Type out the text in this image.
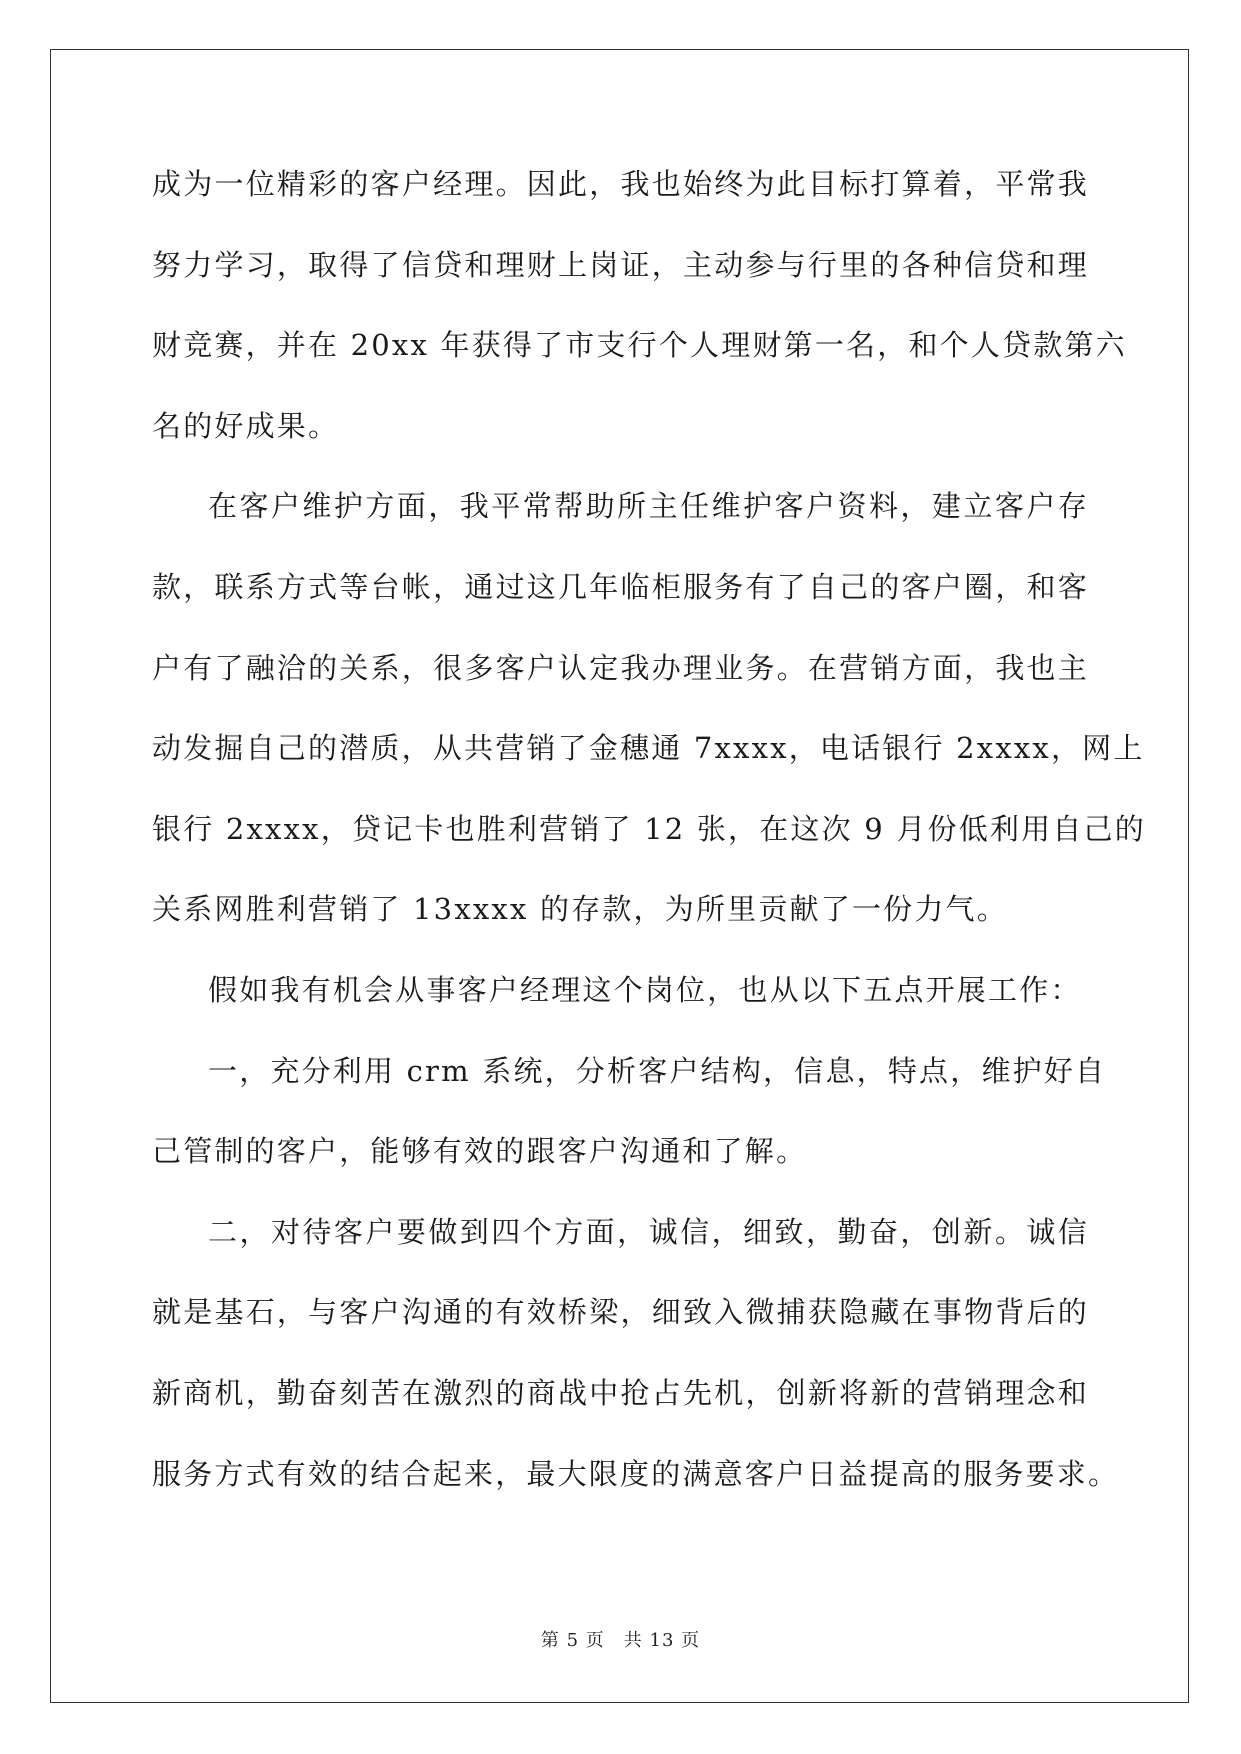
成为一位精彩的客户经理。因此，我也始终为此目标打算着，平常我
努力学习，取得了信贷和理财上岗证，主动参与行里的各种信贷和理
财竞赛，并在 20xx 年获得了市支行个人理财第一名，和个人贷款第六
名的好成果。
在客户维护方面，我平常帮助所主任维护客户资料，建立客户存
款，联系方式等台帐，通过这几年临柜服务有了自己的客户圈，和客
户有了融洽的关系，很多客户认定我办理业务。在营销方面，我也主
动发掘自己的潜质，从共营销了金穗通 7xxxx，电话银行 2xxxx，网上
银行 2xxxx，贷记卡也胜利营销了 12 张，在这次 9 月份低利用自己的
关系网胜利营销了 13xxxx 的存款，为所里贡献了一份力气。
假如我有机会从事客户经理这个岗位，也从以下五点开展工作：
一，充分利用 crm 系统，分析客户结构，信息，特点，维护好自
己管制的客户，能够有效的跟客户沟通和了解。
二，对待客户要做到四个方面，诚信，细致，勤奋，创新。诚信
就是基石，与客户沟通的有效桥梁，细致入微捕获隐藏在事物背后的
新商机，勤奋刻苦在激烈的商战中抢占先机，创新将新的营销理念和
服务方式有效的结合起来，最大限度的满意客户日益提高的服务要求。
第 5 页　共 13 页
